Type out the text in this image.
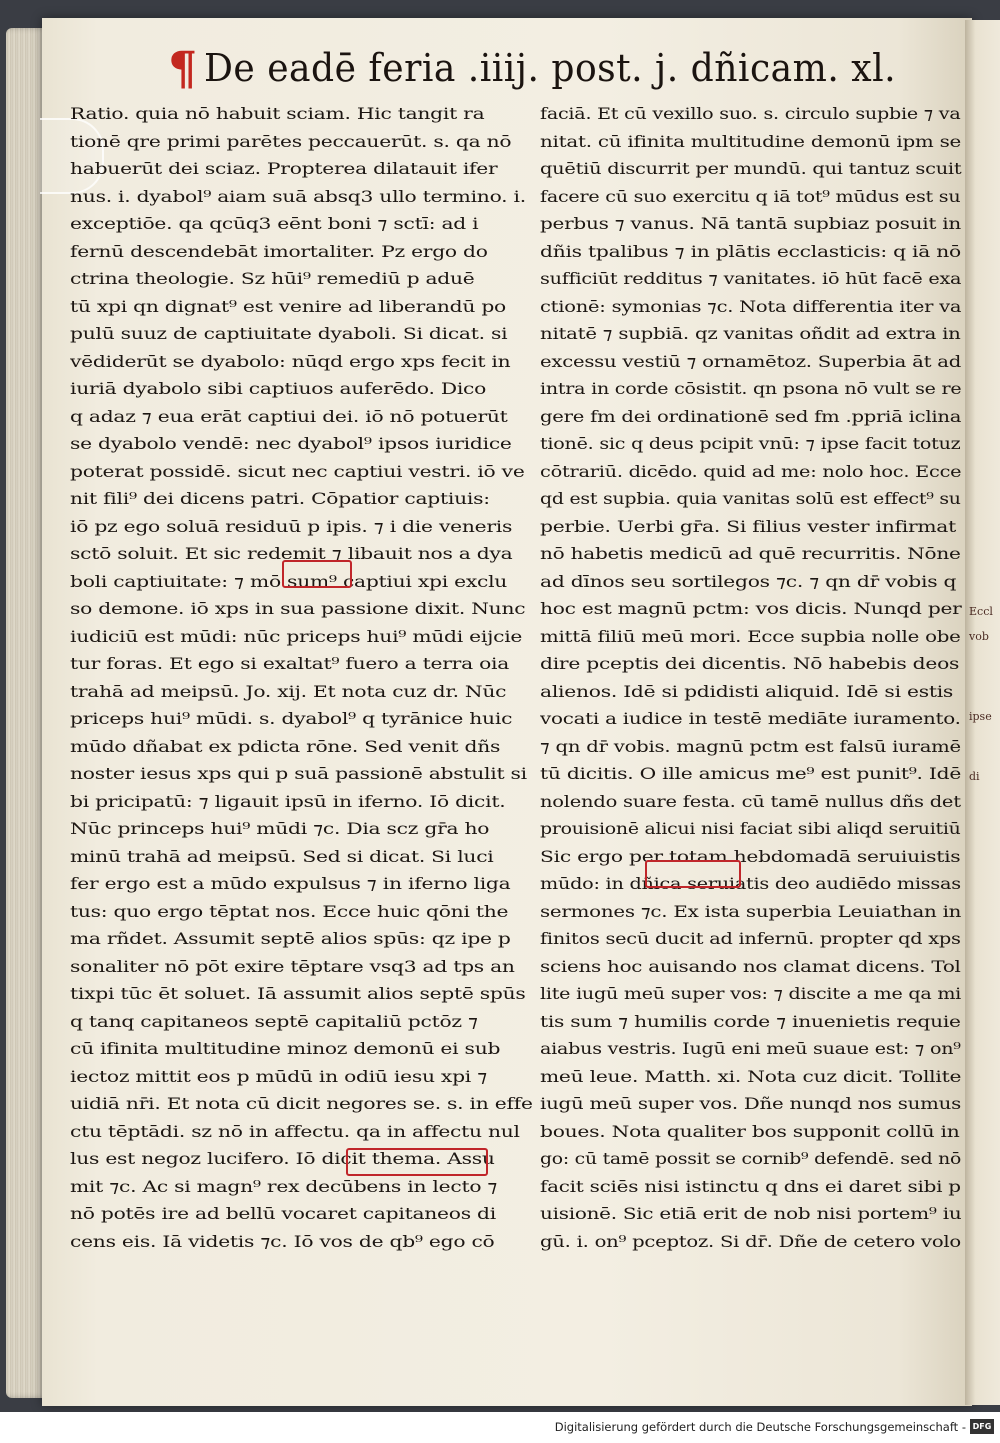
Eccl
vob
ipse
di
¶ De eadē feria .iiij. post. j. dñicam. xl.
Ratio. quia nō habuit sciam. Hic tangit ra
tionē qre primi parētes peccauerūt. s. qa nō
habuerūt dei sciaz. Propterea dilatauit ifer
nus. i. dyabol⁹ aiam suā absq3 ullo termino. i.
exceptiōe. qa qcūq3 eēnt boni ⁊ sctī: ad i
fernū descendebāt imortaliter. Pz ergo do
ctrina theologie. Sz hūi⁹ remediū p aduē
tū xpi qn dignat⁹ est venire ad liberandū po
pulū suuz de captiuitate dyaboli. Si dicat. si
vēdiderūt se dyabolo: nūqd ergo xps fecit in
iuriā dyabolo sibi captiuos auferēdo. Dico
q adaz ⁊ eua erāt captiui dei. iō nō potuerūt
se dyabolo vendē: nec dyabol⁹ ipsos iuridice
poterat possidē. sicut nec captiui vestri. iō ve
nit fili⁹ dei dicens patri. Cōpatior captiuis:
iō pz ego soluā residuū p ipis. ⁊ i die veneris
sctō soluit. Et sic redemit ⁊ libauit nos a dya
boli captiuitate: ⁊ mō sum⁹ captiui xpi exclu
so demone. iō xps in sua passione dixit. Nunc
iudiciū est mūdi: nūc priceps hui⁹ mūdi eijcie
tur foras. Et ego si exaltat⁹ fuero a terra oia
trahā ad meipsū. Jo. xij. Et nota cuz dr. Nūc
priceps hui⁹ mūdi. s. dyabol⁹ q tyrānice huic
mūdo dñabat ex pdicta rōne. Sed venit dñs
noster iesus xps qui p suā passionē abstulit si
bi pricipatū: ⁊ ligauit ipsū in iferno. Iō dicit.
Nūc princeps hui⁹ mūdi ⁊c. Dia scz gr̄a ho
minū trahā ad meipsū. Sed si dicat. Si luci
fer ergo est a mūdo expulsus ⁊ in iferno liga
tus: quo ergo tēptat nos. Ecce huic qōni the
ma rñdet. Assumit septē alios spūs: qz ipe p
sonaliter nō pōt exire tēptare vsq3 ad tps an
tixpi tūc ēt soluet. Iā assumit alios septē spūs
q tanq capitaneos septē capitaliū pctōz ⁊
cū ifinita multitudine minoz demonū ei sub
iectoz mittit eos p mūdū in odiū iesu xpi ⁊
uidiā nr̄i. Et nota cū dicit negores se. s. in effe
ctu tēptādi. sz nō in affectu. qa in affectu nul
lus est negoz lucifero. Iō dicit thema. Assu
mit ⁊c. Ac si magn⁹ rex decūbens in lecto ⁊
nō potēs ire ad bellū vocaret capitaneos di
cens eis. Iā videtis ⁊c. Iō vos de qb⁹ ego cō
faciā. Et cū vexillo suo. s. circulo supbie ⁊ va
nitat. cū ifinita multitudine demonū ipm se
quētiū discurrit per mundū. qui tantuz scuit
facere cū suo exercitu q iā tot⁹ mūdus est su
perbus ⁊ vanus. Nā tantā supbiaz posuit in
dñis tpalibus ⁊ in plātis ecclasticis: q iā nō
sufficiūt redditus ⁊ vanitates. iō hūt facē exa
ctionē: symonias ⁊c. Nota differentia iter va
nitatē ⁊ supbiā. qz vanitas oñdit ad extra in
excessu vestiū ⁊ ornamētoz. Superbia āt ad
intra in corde cōsistit. qn psona nō vult se re
gere fm dei ordinationē sed fm .ppriā iclina
tionē. sic q deus pcipit vnū: ⁊ ipse facit totuz
cōtrariū. dicēdo. quid ad me: nolo hoc. Ecce
qd est supbia. quia vanitas solū est effect⁹ su
perbie. Uerbi gr̄a. Si filius vester infirmat
nō habetis medicū ad quē recurritis. Nōne
ad dīnos seu sortilegos ⁊c. ⁊ qn dr̄ vobis q
hoc est magnū pctm: vos dicis. Nunqd per
mittā filiū meū mori. Ecce supbia nolle obe
dire pceptis dei dicentis. Nō habebis deos
alienos. Idē si pdidisti aliquid. Idē si estis
vocati a iudice in testē mediāte iuramento.
⁊ qn dr̄ vobis. magnū pctm est falsū iuramē
tū dicitis. O ille amicus me⁹ est punit⁹. Idē
nolendo suare festa. cū tamē nullus dñs det
prouisionē alicui nisi faciat sibi aliqd seruitiū
Sic ergo per totam hebdomadā seruiuistis
mūdo: in dñica seruiatis deo audiēdo missas
sermones ⁊c. Ex ista superbia Leuiathan in
finitos secū ducit ad infernū. propter qd xps
sciens hoc auisando nos clamat dicens. Tol
lite iugū meū super vos: ⁊ discite a me qa mi
tis sum ⁊ humilis corde ⁊ inuenietis requie
aiabus vestris. Iugū eni meū suaue est: ⁊ on⁹
meū leue. Matth. xi. Nota cuz dicit. Tollite
iugū meū super vos. Dñe nunqd nos sumus
boues. Nota qualiter bos supponit collū in
go: cū tamē possit se cornib⁹ defendē. sed nō
facit sciēs nisi istinctu q dns ei daret sibi p
uisionē. Sic etiā erit de nob nisi portem⁹ iu
gū. i. on⁹ pceptoz. Si dr̄. Dñe de cetero volo
Digitalisierung gefördert durch die Deutsche Forschungsgemeinschaft - DFG
